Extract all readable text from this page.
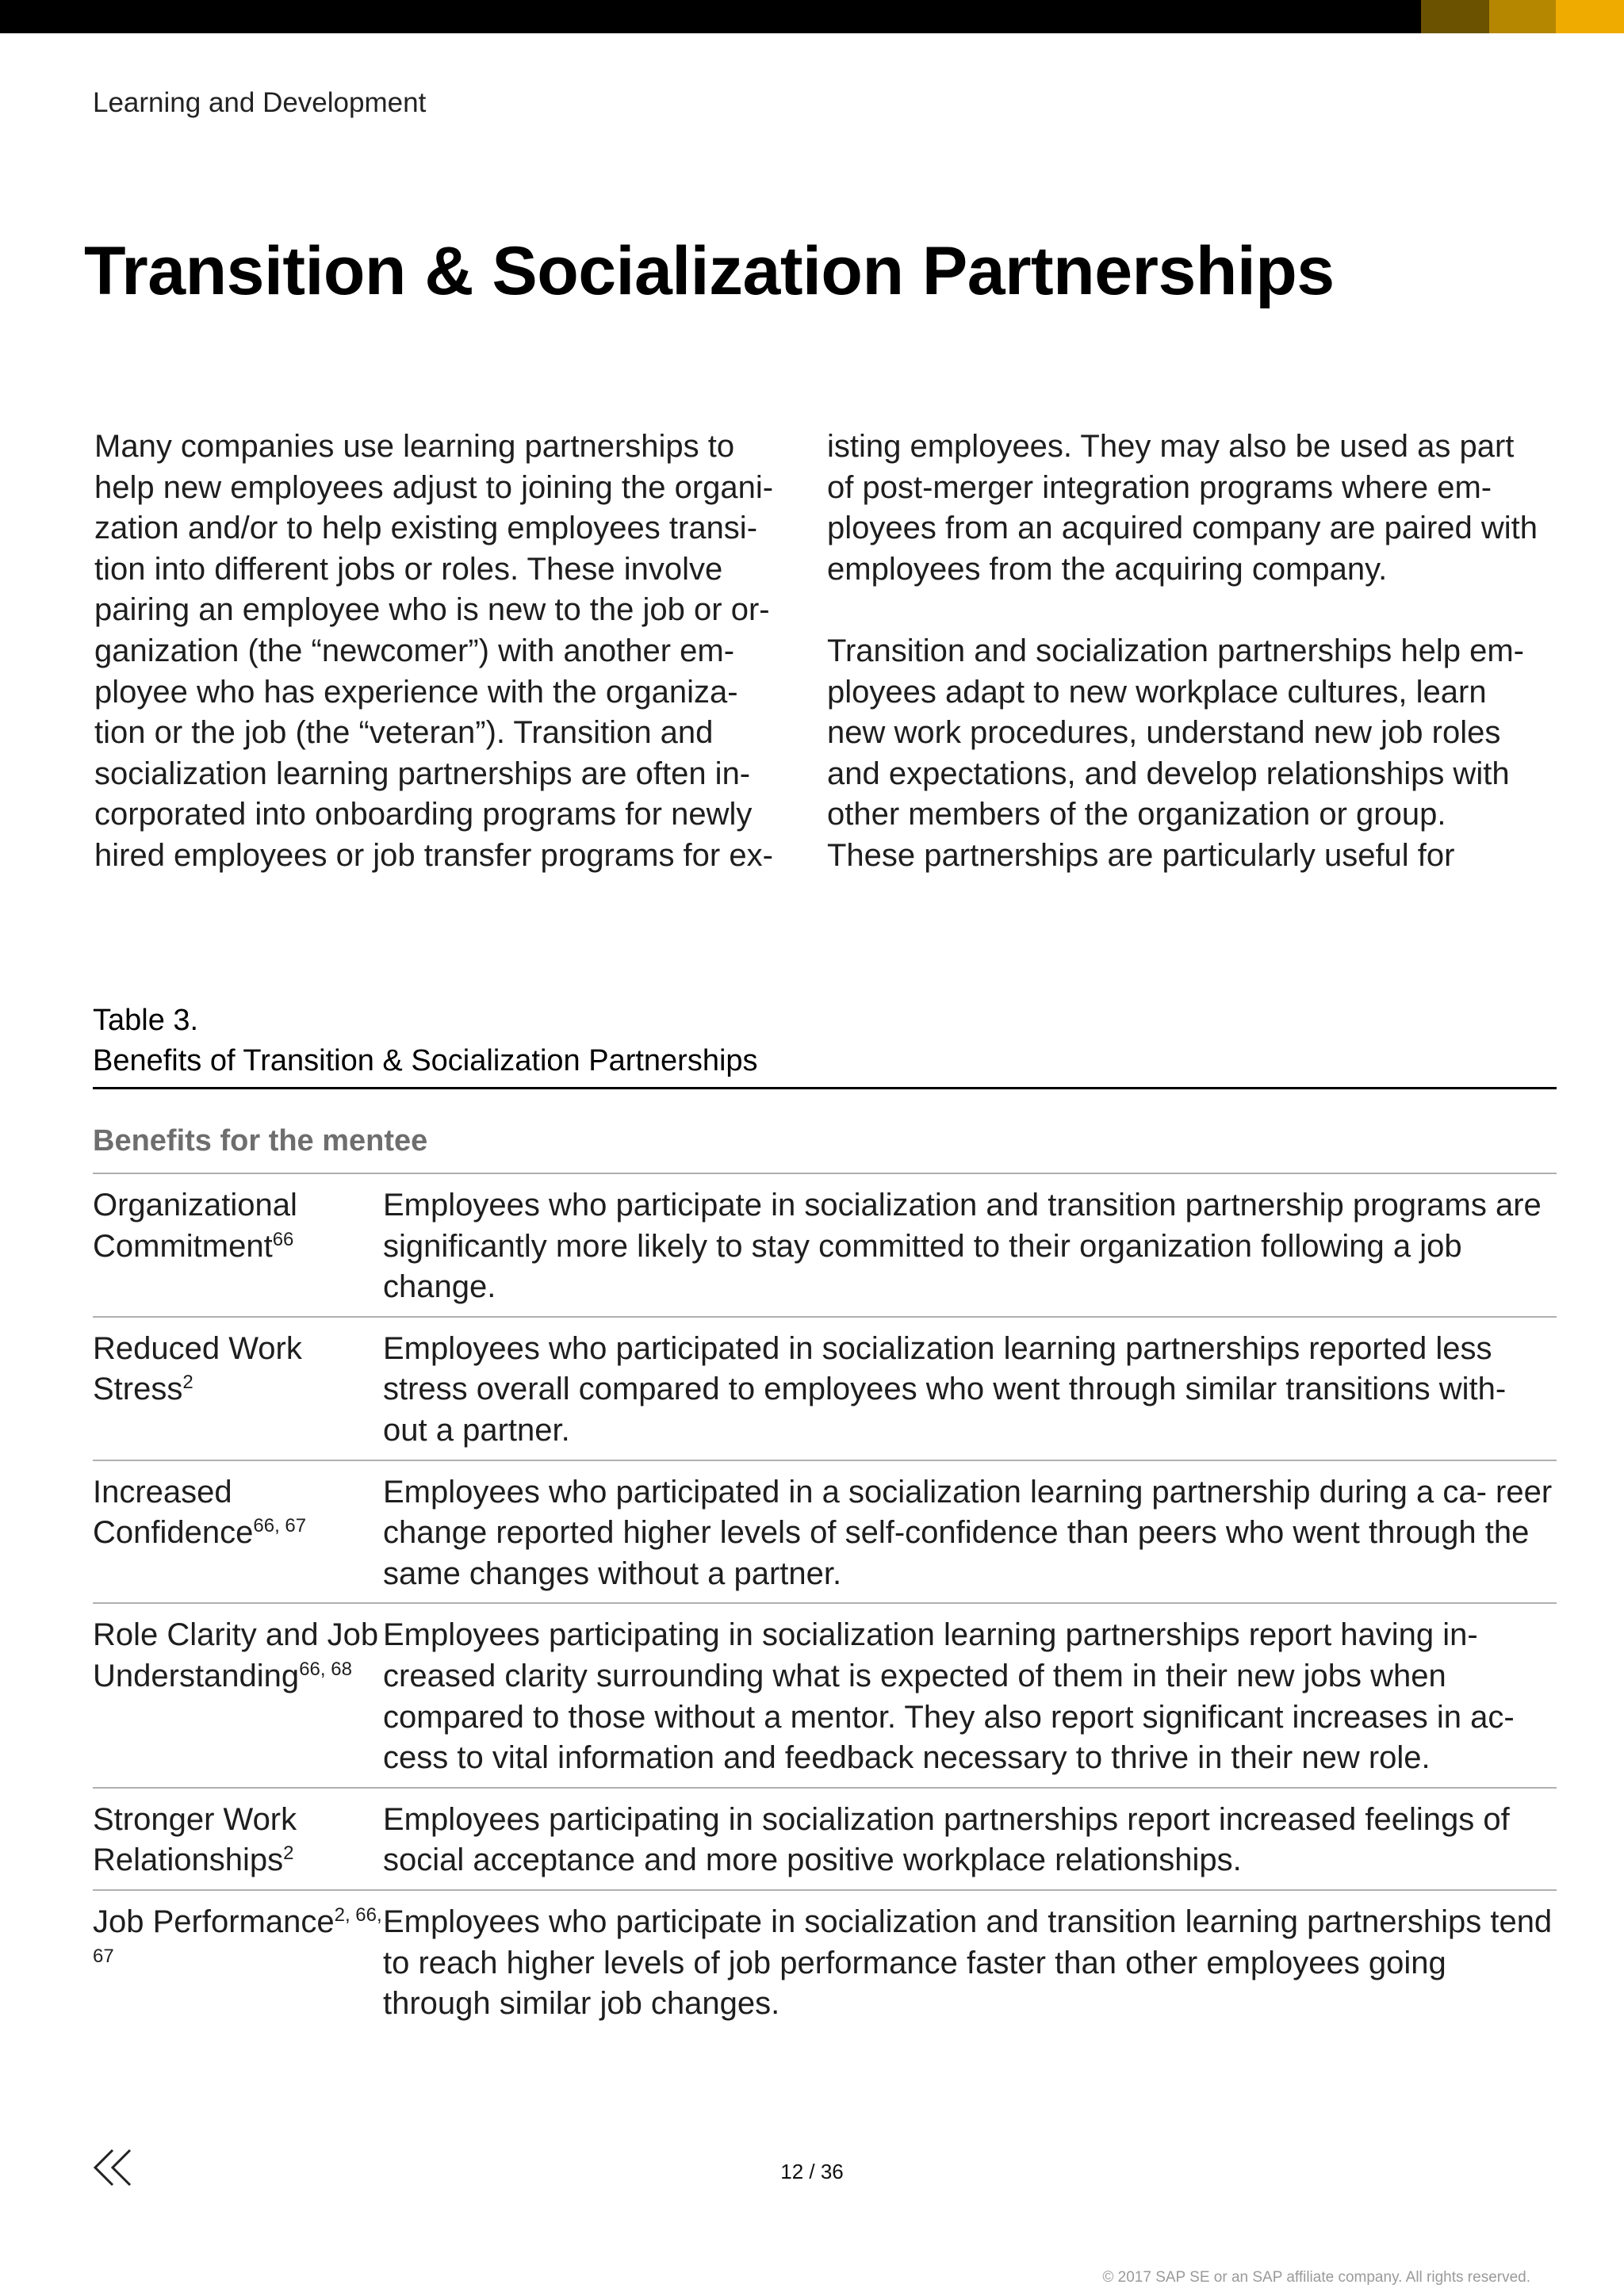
Learning and Development
Transition & Socialization Partnerships

Many companies use learning partnerships to help new employees adjust to joining the organi- zation and/or to help existing employees transi- tion into different jobs or roles. These involve pairing an employee who is new to the job or or- ganization (the “newcomer”) with another em- ployee who has experience with the organiza- tion or the job (the “veteran”). Transition and socialization learning partnerships are often in- corporated into onboarding programs for newly hired employees or job transfer programs for ex-

isting employees. They may also be used as part of post-merger integration programs where em- ployees from an acquired company are paired with employees from the acquiring company.

Transition and socialization partnerships help em- ployees adapt to new workplace cultures, learn new work procedures, understand new job roles and expectations, and develop relationships with other members of the organization or group. These partnerships are particularly useful for

Table 3.
Benefits of Transition & Socialization Partnerships
Benefits for the mentee
Organizational Commitment$^{66}$
Employees who participate in socialization and transition partnership programs are significantly more likely to stay committed to their organization following a job change.
Reduced Work Stress$^2$
Employees who participated in socialization learning partnerships reported less stress overall compared to employees who went through similar transitions with- out a partner.
Increased Confidence$^{66, 67}$
Employees who participated in a socialization learning partnership during a ca- reer change reported higher levels of self-confidence than peers who went through the same changes without a partner.
Role Clarity and Job Understanding$^{66, 68}$
Employees participating in socialization learning partnerships report having in- creased clarity surrounding what is expected of them in their new jobs when compared to those without a mentor. They also report significant increases in ac- cess to vital information and feedback necessary to thrive in their new role.
Stronger Work Relationships$^2$
Employees participating in socialization partnerships report increased feelings of social acceptance and more positive workplace relationships.
Job Performance$^{2, 66, 67}$
Employees who participate in socialization and transition learning partnerships tend to reach higher levels of job performance faster than other employees going through similar job changes.
12 / 36
© 2017 SAP SE or an SAP affiliate company. All rights reserved.
